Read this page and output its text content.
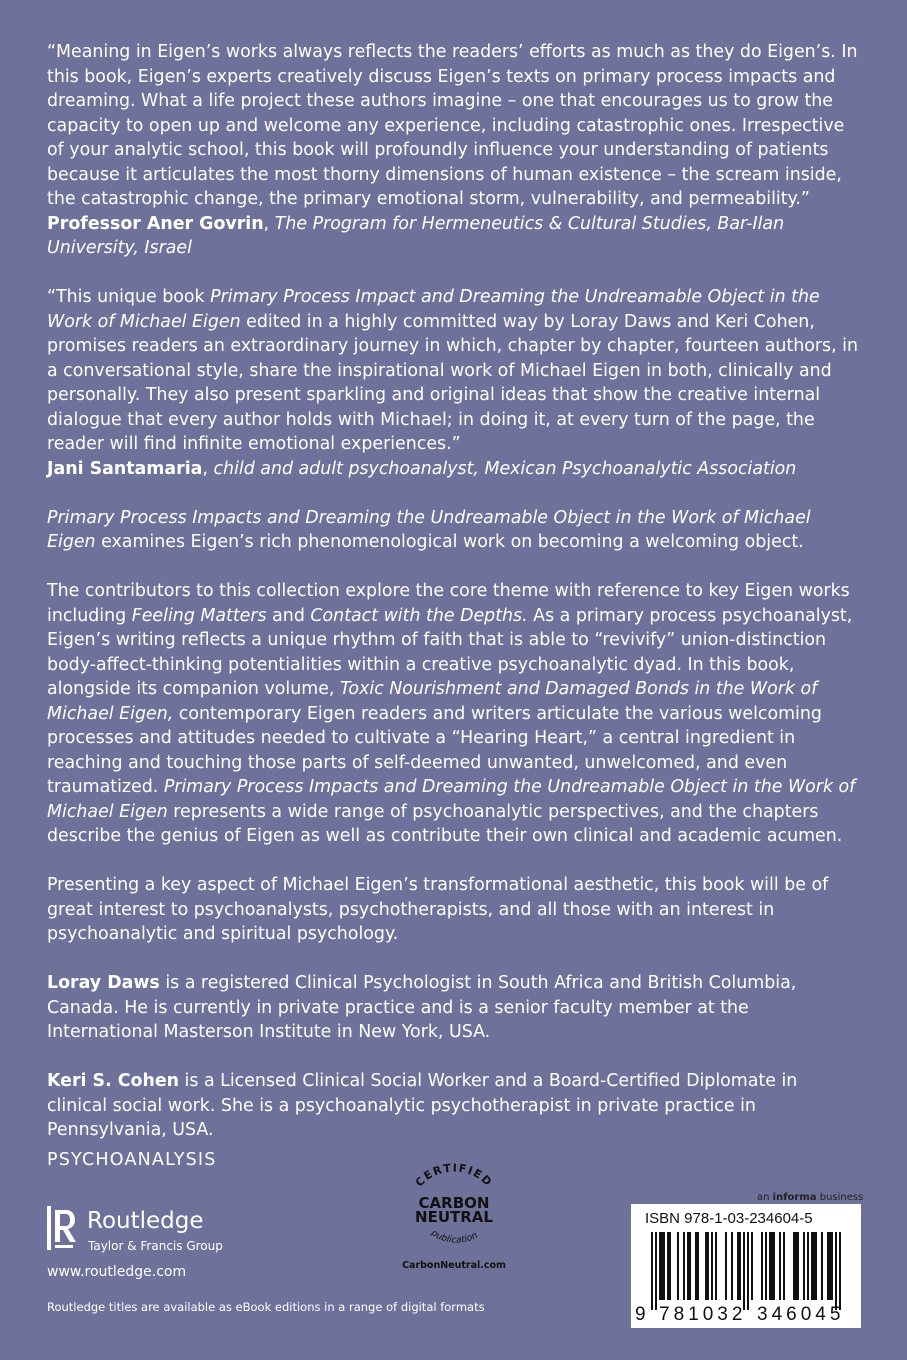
“Meaning in Eigen’s works always reflects the readers’ efforts as much as they do Eigen’s. In this book, Eigen’s experts creatively discuss Eigen’s texts on primary process impacts and dreaming. What a life project these authors imagine – one that encourages us to grow the capacity to open up and welcome any experience, including catastrophic ones. Irrespective of your analytic school, this book will profoundly influence your understanding of patients because it articulates the most thorny dimensions of human existence – the scream inside, the catastrophic change, the primary emotional storm, vulnerability, and permeability.”
Professor Aner Govrin, The Program for Hermeneutics & Cultural Studies, Bar-Ilan University, Israel

“This unique book Primary Process Impact and Dreaming the Undreamable Object in the Work of Michael Eigen edited in a highly committed way by Loray Daws and Keri Cohen, promises readers an extraordinary journey in which, chapter by chapter, fourteen authors, in a conversational style, share the inspirational work of Michael Eigen in both, clinically and personally. They also present sparkling and original ideas that show the creative internal dialogue that every author holds with Michael; in doing it, at every turn of the page, the reader will find infinite emotional experiences.”
Jani Santamaria, child and adult psychoanalyst, Mexican Psychoanalytic Association

Primary Process Impacts and Dreaming the Undreamable Object in the Work of Michael Eigen examines Eigen’s rich phenomenological work on becoming a welcoming object.

The contributors to this collection explore the core theme with reference to key Eigen works including Feeling Matters and Contact with the Depths. As a primary process psychoanalyst, Eigen’s writing reflects a unique rhythm of faith that is able to “revivify” union-distinction body-affect-thinking potentialities within a creative psychoanalytic dyad. In this book, alongside its companion volume, Toxic Nourishment and Damaged Bonds in the Work of Michael Eigen, contemporary Eigen readers and writers articulate the various welcoming processes and attitudes needed to cultivate a “Hearing Heart,” a central ingredient in reaching and touching those parts of self-deemed unwanted, unwelcomed, and even traumatized. Primary Process Impacts and Dreaming the Undreamable Object in the Work of Michael Eigen represents a wide range of psychoanalytic perspectives, and the chapters describe the genius of Eigen as well as contribute their own clinical and academic acumen.

Presenting a key aspect of Michael Eigen’s transformational aesthetic, this book will be of great interest to psychoanalysts, psychotherapists, and all those with an interest in psychoanalytic and spiritual psychology.

Loray Daws is a registered Clinical Psychologist in South Africa and British Columbia, Canada. He is currently in private practice and is a senior faculty member at the International Masterson Institute in New York, USA.

Keri S. Cohen is a Licensed Clinical Social Worker and a Board-Certified Diplomate in clinical social work. She is a psychoanalytic psychotherapist in private practice in Pennsylvania, USA.

PSYCHOANALYSIS
Routledge
Taylor & Francis Group
www.routledge.com
Routledge titles are available as eBook editions in a range of digital formats
CERTIFIED
CARBON
NEUTRAL
publication
CarbonNeutral.com
an informa business
ISBN 978-1-03-234604-5
9 781032 346045
